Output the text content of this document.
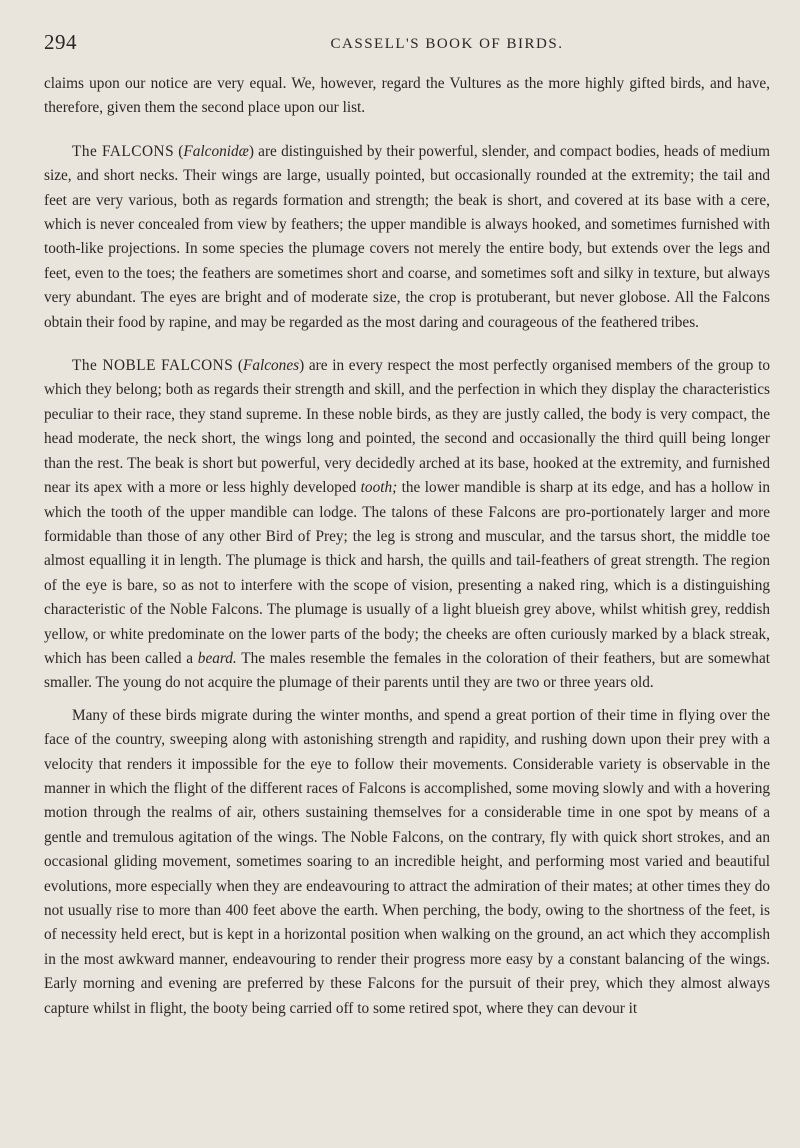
294	CASSELL'S BOOK OF BIRDS.

claims upon our notice are very equal. We, however, regard the Vultures as the more highly gifted birds, and have, therefore, given them the second place upon our list.

The FALCONS (Falconidæ) are distinguished by their powerful, slender, and compact bodies, heads of medium size, and short necks. Their wings are large, usually pointed, but occasionally rounded at the extremity; the tail and feet are very various, both as regards formation and strength; the beak is short, and covered at its base with a cere, which is never concealed from view by feathers; the upper mandible is always hooked, and sometimes furnished with tooth-like projections. In some species the plumage covers not merely the entire body, but extends over the legs and feet, even to the toes; the feathers are sometimes short and coarse, and sometimes soft and silky in texture, but always very abundant. The eyes are bright and of moderate size, the crop is protuberant, but never globose. All the Falcons obtain their food by rapine, and may be regarded as the most daring and courageous of the feathered tribes.

The NOBLE FALCONS (Falcones) are in every respect the most perfectly organised members of the group to which they belong; both as regards their strength and skill, and the perfection in which they display the characteristics peculiar to their race, they stand supreme. In these noble birds, as they are justly called, the body is very compact, the head moderate, the neck short, the wings long and pointed, the second and occasionally the third quill being longer than the rest. The beak is short but powerful, very decidedly arched at its base, hooked at the extremity, and furnished near its apex with a more or less highly developed tooth; the lower mandible is sharp at its edge, and has a hollow in which the tooth of the upper mandible can lodge. The talons of these Falcons are pro-portionately larger and more formidable than those of any other Bird of Prey; the leg is strong and muscular, and the tarsus short, the middle toe almost equalling it in length. The plumage is thick and harsh, the quills and tail-feathers of great strength. The region of the eye is bare, so as not to interfere with the scope of vision, presenting a naked ring, which is a distinguishing characteristic of the Noble Falcons. The plumage is usually of a light blueish grey above, whilst whitish grey, reddish yellow, or white predominate on the lower parts of the body; the cheeks are often curiously marked by a black streak, which has been called a beard. The males resemble the females in the coloration of their feathers, but are somewhat smaller. The young do not acquire the plumage of their parents until they are two or three years old.

Many of these birds migrate during the winter months, and spend a great portion of their time in flying over the face of the country, sweeping along with astonishing strength and rapidity, and rushing down upon their prey with a velocity that renders it impossible for the eye to follow their movements. Considerable variety is observable in the manner in which the flight of the different races of Falcons is accomplished, some moving slowly and with a hovering motion through the realms of air, others sustaining themselves for a considerable time in one spot by means of a gentle and tremulous agitation of the wings. The Noble Falcons, on the contrary, fly with quick short strokes, and an occasional gliding movement, sometimes soaring to an incredible height, and performing most varied and beautiful evolutions, more especially when they are endeavouring to attract the admiration of their mates; at other times they do not usually rise to more than 400 feet above the earth. When perching, the body, owing to the shortness of the feet, is of necessity held erect, but is kept in a horizontal position when walking on the ground, an act which they accomplish in the most awkward manner, endeavouring to render their progress more easy by a constant balancing of the wings. Early morning and evening are preferred by these Falcons for the pursuit of their prey, which they almost always capture whilst in flight, the booty being carried off to some retired spot, where they can devour it
